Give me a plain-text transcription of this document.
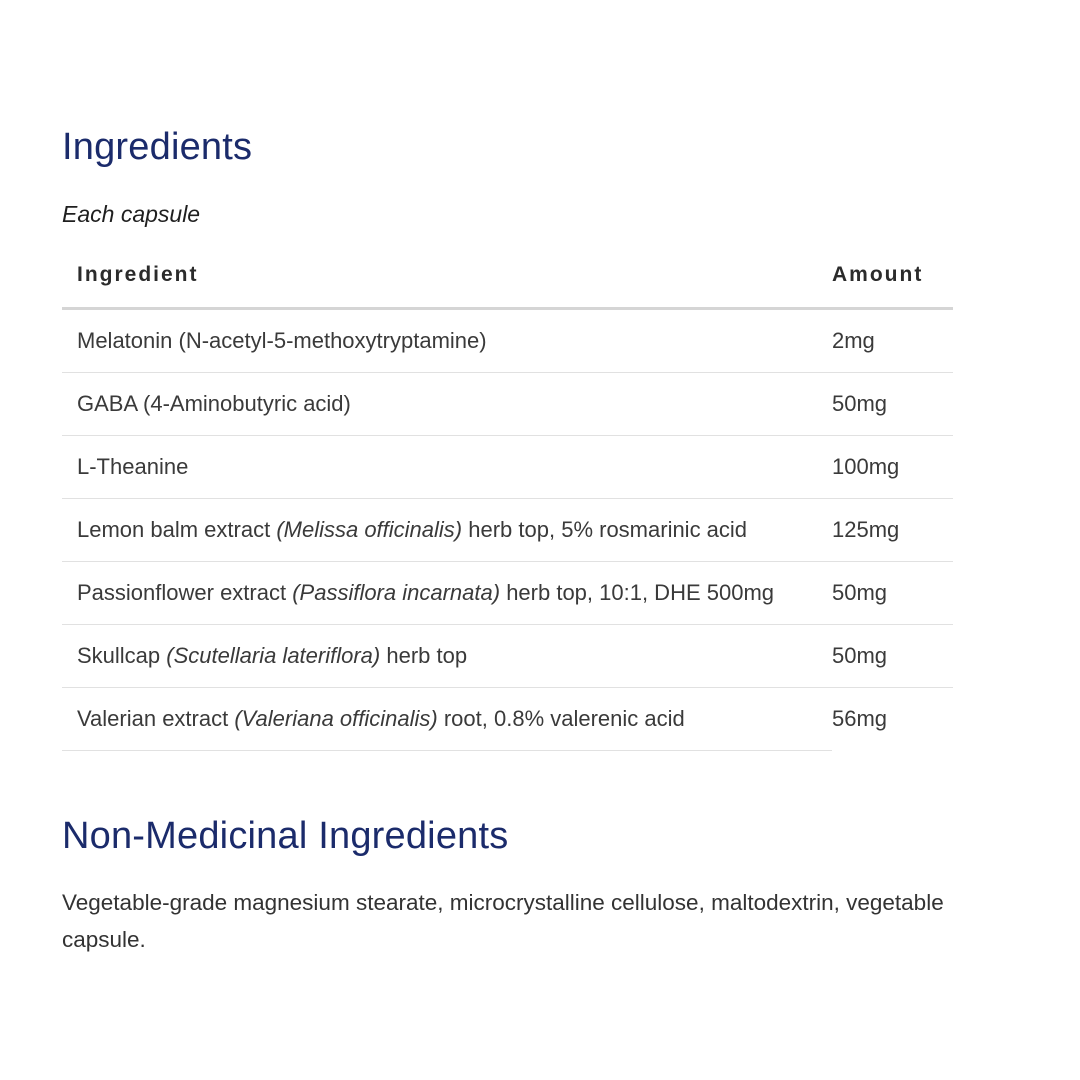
Ingredients
Each capsule
Ingredient	Amount
Melatonin (N-acetyl-5-methoxytryptamine)	2mg
GABA (4-Aminobutyric acid)	50mg
L-Theanine	100mg
Lemon balm extract (Melissa officinalis) herb top, 5% rosmarinic acid	125mg
Passionflower extract (Passiflora incarnata) herb top, 10:1, DHE 500mg	50mg
Skullcap (Scutellaria lateriflora) herb top	50mg
Valerian extract (Valeriana officinalis) root, 0.8% valerenic acid	56mg
Non-Medicinal Ingredients

Vegetable-grade magnesium stearate, microcrystalline cellulose, maltodextrin, vegetable capsule.
